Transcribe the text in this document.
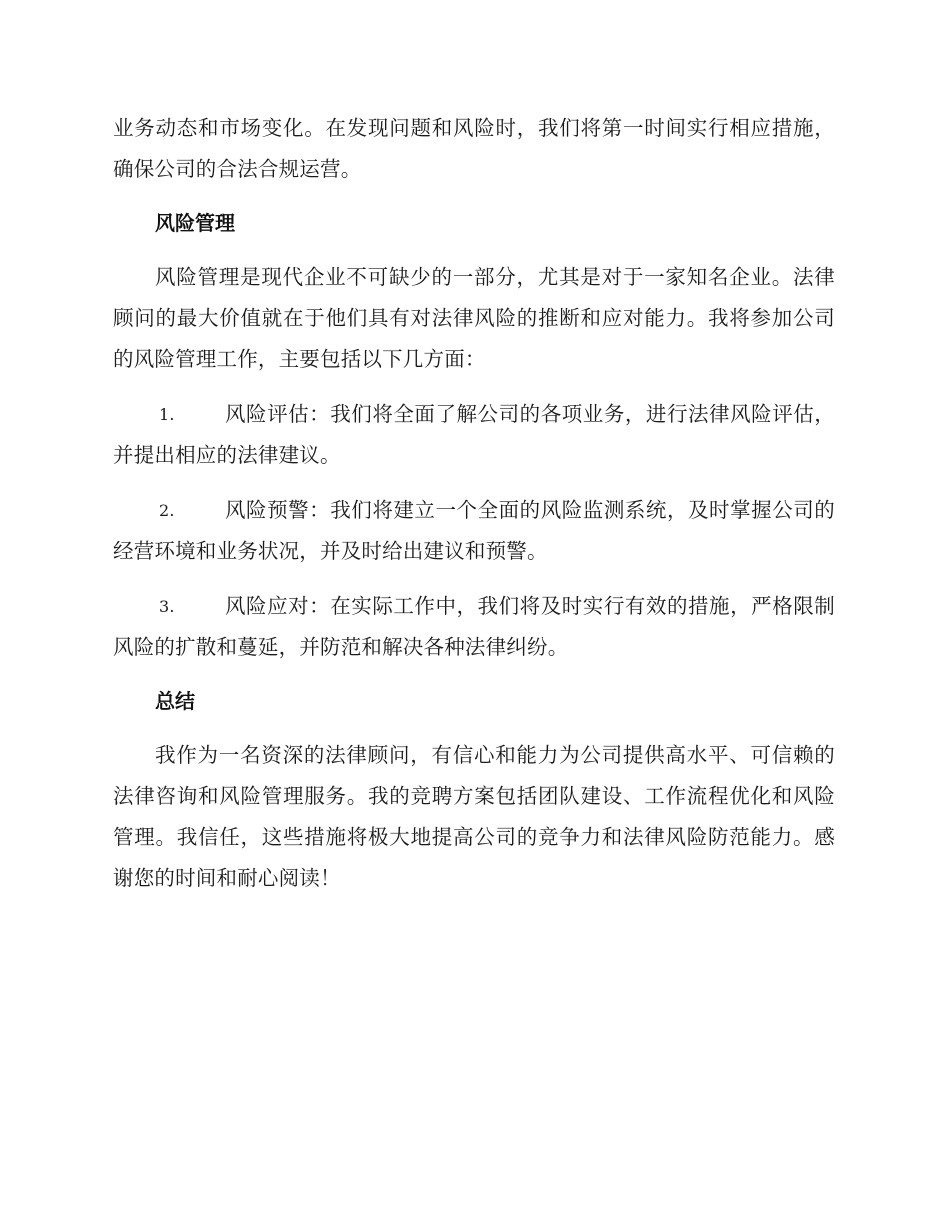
业务动态和市场变化。在发现问题和风险时，我们将第一时间实行相应措施，确保公司的合法合规运营。

风险管理

风险管理是现代企业不可缺少的一部分，尤其是对于一家知名企业。法律顾问的最大价值就在于他们具有对法律风险的推断和应对能力。我将参加公司的风险管理工作，主要包括以下几方面：

1. 风险评估：我们将全面了解公司的各项业务，进行法律风险评估，并提出相应的法律建议。

2. 风险预警：我们将建立一个全面的风险监测系统，及时掌握公司的经营环境和业务状况，并及时给出建议和预警。

3. 风险应对：在实际工作中，我们将及时实行有效的措施，严格限制风险的扩散和蔓延，并防范和解决各种法律纠纷。

总结

我作为一名资深的法律顾问，有信心和能力为公司提供高水平、可信赖的法律咨询和风险管理服务。我的竞聘方案包括团队建设、工作流程优化和风险管理。我信任，这些措施将极大地提高公司的竞争力和法律风险防范能力。感谢您的时间和耐心阅读！
